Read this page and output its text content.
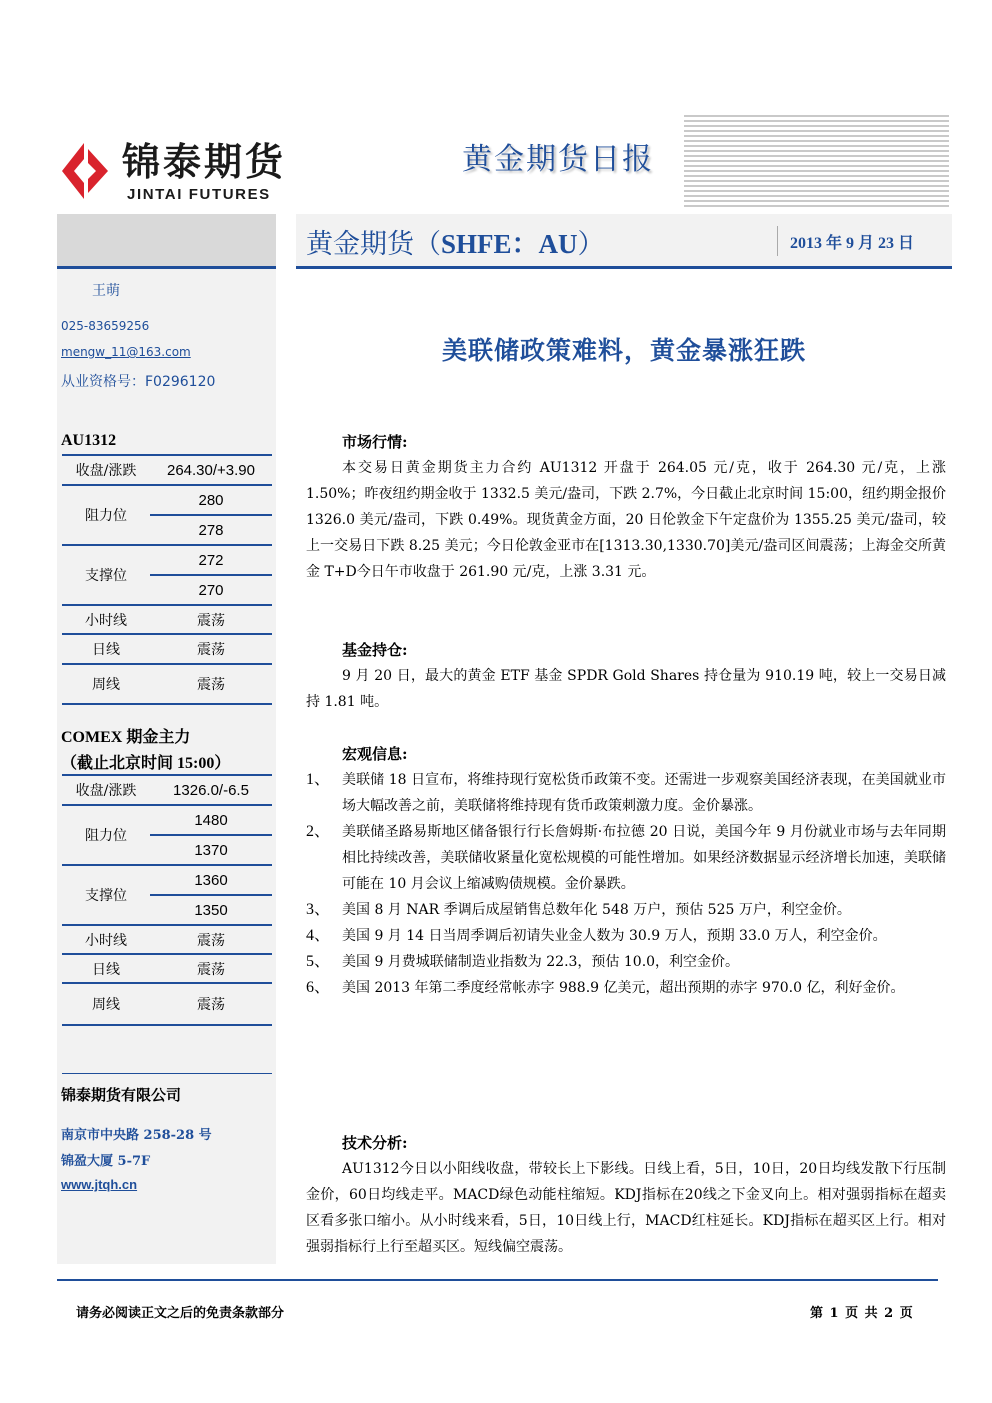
锦泰期货
JINTAI FUTURES
黄金期货日报
王萌
025-83659256
mengw_11@163.com
从业资格号：F0296120
AU1312
收盘/涨跌	264.30/+3.90
阻力位
280
278
支撑位
272
270
小时线	震荡
日线	震荡
周线	震荡
COMEX 期金主力
（截止北京时间 15:00）
收盘/涨跌	1326.0/-6.5
阻力位
1480
1370
支撑位
1360
1350
小时线	震荡
日线	震荡
周线	震荡
锦泰期货有限公司
南京市中央路 258-28 号
锦盈大厦 5-7F
www.jtqh.cn
黄金期货（SHFE：AU）	2013 年 9 月 23 日
美联储政策难料，黄金暴涨狂跌
市场行情:

本交易日黄金期货主力合约 AU1312 开盘于 264.05 元/克，收于 264.30 元/克，上涨 1.50%；昨夜纽约期金收于 1332.5 美元/盎司，下跌 2.7%，今日截止北京时间 15:00，纽约期金报价 1326.0 美元/盎司，下跌 0.49%。现货黄金方面，20 日伦敦金下午定盘价为 1355.25 美元/盎司，较上一交易日下跌 8.25 美元；今日伦敦金亚市在[1313.30,1330.70]美元/盎司区间震荡；上海金交所黄金 T+D今日午市收盘于 261.90 元/克，上涨 3.31 元。

基金持仓:

9 月 20 日，最大的黄金 ETF 基金 SPDR Gold Shares 持仓量为 910.19 吨，较上一交易日减持 1.81 吨。

宏观信息:
1、 美联储 18 日宣布，将维持现行宽松货币政策不变。还需进一步观察美国经济表现，在美国就业市场大幅改善之前，美联储将维持现有货币政策刺激力度。金价暴涨。
2、 美联储圣路易斯地区储备银行行长詹姆斯·布拉德 20 日说，美国今年 9 月份就业市场与去年同期相比持续改善，美联储收紧量化宽松规模的可能性增加。如果经济数据显示经济增长加速，美联储可能在 10 月会议上缩减购债规模。金价暴跌。
3、 美国 8 月 NAR 季调后成屋销售总数年化 548 万户，预估 525 万户，利空金价。
4、 美国 9 月 14 日当周季调后初请失业金人数为 30.9 万人，预期 33.0 万人，利空金价。
5、 美国 9 月费城联储制造业指数为 22.3，预估 10.0，利空金价。
6、 美国 2013 年第二季度经常帐赤字 988.9 亿美元，超出预期的赤字 970.0 亿，利好金价。
技术分析:

AU1312今日以小阳线收盘，带较长上下影线。日线上看，5日，10日，20日均线发散下行压制金价，60日均线走平。MACD绿色动能柱缩短。KDJ指标在20线之下金叉向上。相对强弱指标在超卖区看多张口缩小。从小时线来看，5日，10日线上行，MACD红柱延长。KDJ指标在超买区上行。相对强弱指标行上行至超买区。短线偏空震荡。

请务必阅读正文之后的免责条款部分	第 1 页 共 2 页
